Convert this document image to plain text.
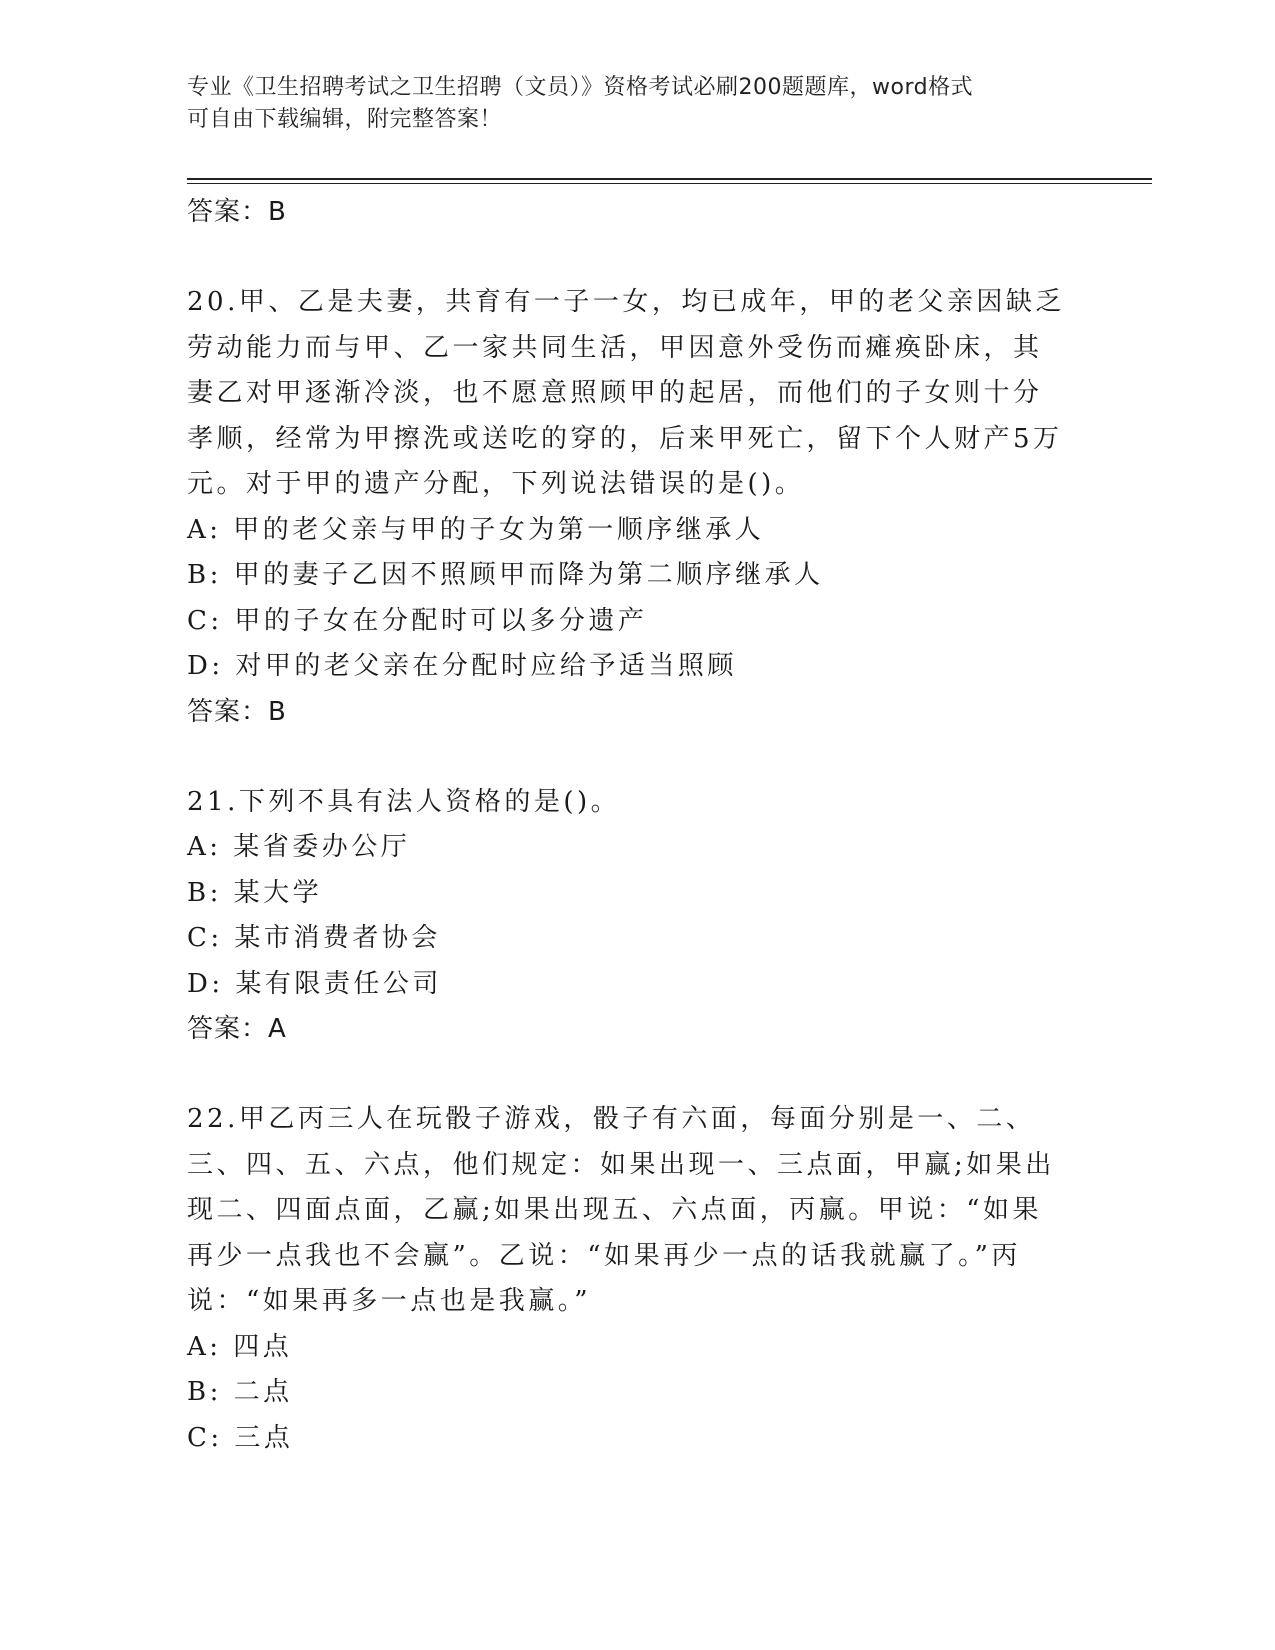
专业《卫生招聘考试之卫生招聘（文员）》资格考试必刷200题题库，word格式
可自由下载编辑，附完整答案！
答案：B
20.甲、乙是夫妻，共育有一子一女，均已成年，甲的老父亲因缺乏劳动能力而与甲、乙一家共同生活，甲因意外受伤而瘫痪卧床，其妻乙对甲逐渐冷淡，也不愿意照顾甲的起居，而他们的子女则十分孝顺，经常为甲擦洗或送吃的穿的，后来甲死亡，留下个人财产5万元。对于甲的遗产分配，下列说法错误的是()。
A: 甲的老父亲与甲的子女为第一顺序继承人
B: 甲的妻子乙因不照顾甲而降为第二顺序继承人
C: 甲的子女在分配时可以多分遗产
D: 对甲的老父亲在分配时应给予适当照顾
答案：B
21.下列不具有法人资格的是()。
A: 某省委办公厅
B: 某大学
C: 某市消费者协会
D: 某有限责任公司
答案：A
22.甲乙丙三人在玩骰子游戏，骰子有六面，每面分别是一、二、三、四、五、六点，他们规定：如果出现一、三点面，甲赢;如果出现二、四面点面，乙赢;如果出现五、六点面，丙赢。甲说：“如果再少一点我也不会赢”。乙说：“如果再少一点的话我就赢了。”丙说：“如果再多一点也是我赢。”
A: 四点
B: 二点
C: 三点
